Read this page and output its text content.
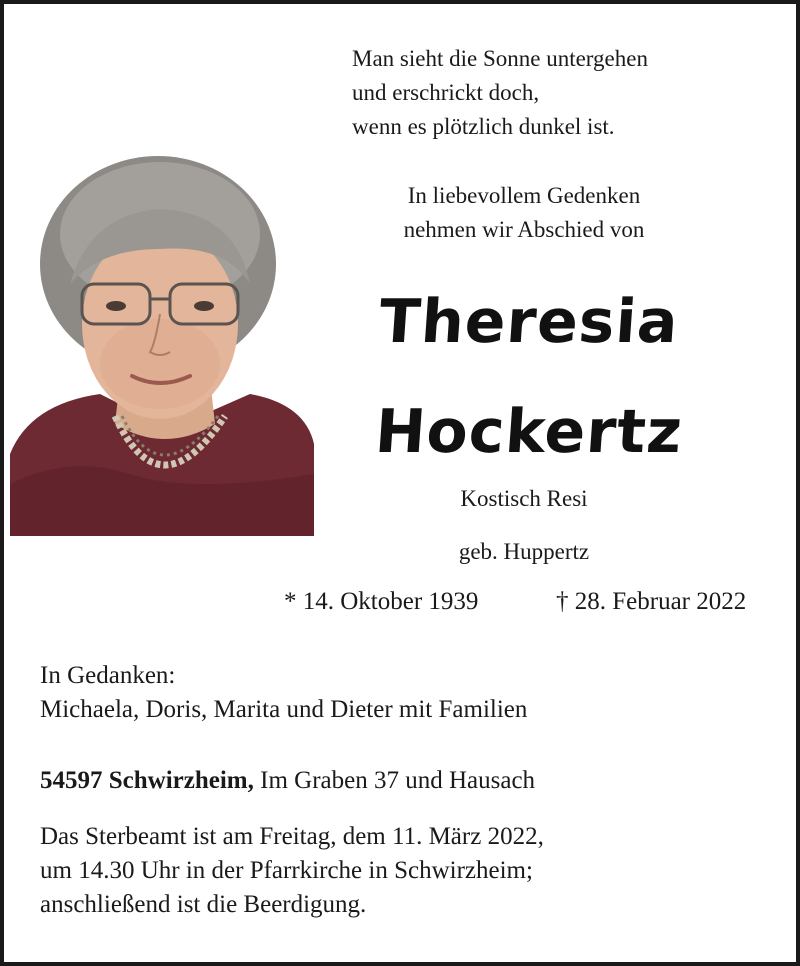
Man sieht die Sonne untergehen
und erschrickt doch,
wenn es plötzlich dunkel ist.
In liebevollem Gedenken
nehmen wir Abschied von
Theresia
Hockertz
Kostisch Resi
geb. Huppertz
* 14. Oktober 1939	† 28. Februar 2022
In Gedanken:
Michaela, Doris, Marita und Dieter mit Familien
54597 Schwirzheim, Im Graben 37 und Hausach
Das Sterbeamt ist am Freitag, dem 11. März 2022,
um 14.30 Uhr in der Pfarrkirche in Schwirzheim;
anschließend ist die Beerdigung.
